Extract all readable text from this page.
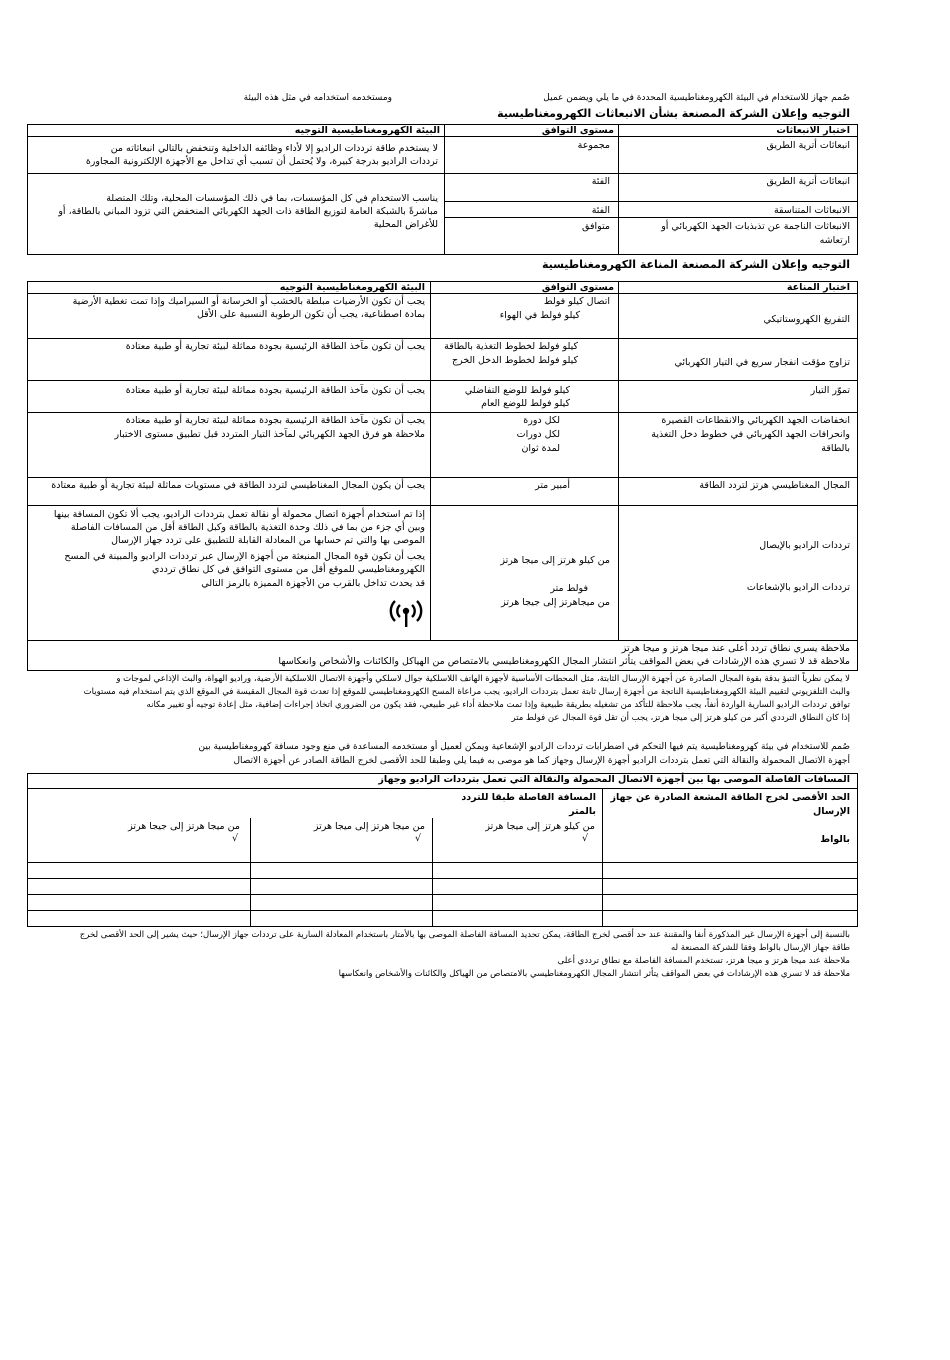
صُمم جهاز للاستخدام في البيئة الكهرومغناطيسية المحددة في ما يلي ويضمن عميل
ومستخدمه استخدامه في مثل هذه البيئة
التوجيه وإعلان الشركة المصنعة بشأن الانبعاثات الكهرومغناطيسية
اختبار الانبعاثات
مستوى التوافق
البيئة الكهرومغناطيسية التوجيه
انبعاثات أترية الطريق
مجموعة
لا يستخدم طاقة ترددات الراديو إلا لأداء وظائفه الداخلية وتنخفض بالتالي انبعاثاته من
ترددات الراديو بدرجة كبيرة، ولا يُحتمل أن تسبب أي تداخل مع الأجهزة الإلكترونية المجاورة
انبعاثات أترية الطريق
الفئة
الانبعاثات المتناسقة
الفئة
الانبعاثات الناجمة عن تذبذبات الجهد الكهربائي أو
ارتعاشه
متوافق
يناسب الاستخدام في كل المؤسسات، بما في ذلك المؤسسات المحلية، وتلك المتصلة
مباشرةً بالشبكة العامة لتوزيع الطاقة ذات الجهد الكهربائي المنخفض التي تزود المباني بالطاقة، أو
للأغراض المحلية
التوجيه وإعلان الشركة المصنعة المناعة الكهرومغناطيسية
اختبار المناعة
مستوى التوافق
البيئة الكهرومغناطيسية التوجيه
التفريغ الكهروستاتيكي
اتصال كيلو فولط
كيلو فولط في الهواء
يجب أن تكون الأرضيات مبلطة بالخشب أو الخرسانة أو السيراميك وإذا تمت تغطية الأرضية
بمادة اصطناعية، يجب أن تكون الرطوبة النسبية على الأقل
تزاوج مؤقت انفجار سريع في التيار الكهربائي
كيلو فولط لخطوط التغذية بالطاقة
كيلو فولط لخطوط الدخل الخرج
يجب أن تكون مآخذ الطاقة الرئيسية بجودة مماثلة لبيئة تجارية أو طبية معتادة
تموّر التيار
كيلو فولط للوضع التفاضلي
كيلو فولط للوضع العام
يجب أن تكون مآخذ الطاقة الرئيسية بجودة مماثلة لبيئة تجارية أو طبية معتادة
انخفاضات الجهد الكهربائي والانقطاعات القصيرة
وانحرافات الجهد الكهربائي في خطوط دخل التغذية
بالطاقة
لكل دورة
لكل دورات
لمدة ثوان
يجب أن تكون مآخذ الطاقة الرئيسية بجودة مماثلة لبيئة تجارية أو طبية معتادة
ملاحظة هو فرق الجهد الكهربائي لمآخذ التيار المتردد قبل تطبيق مستوى الاختبار
المجال المغناطيسي هرتز لتردد الطاقة
أمبير متر
يجب أن يكون المجال المغناطيسي لتردد الطاقة في مستويات مماثلة لبيئة تجارية أو طبية معتادة
ترددات الراديو بالإيصال
ترددات الراديو بالإشعاعات
من كيلو هرتز إلى ميجا هرتز
فولط متر
من ميجاهرتز إلى جيجا هرتز
إذا تم استخدام أجهزة اتصال محمولة أو نقالة تعمل بترددات الراديو، يجب ألا تكون المسافة بينها
وبين أي جزء من بما في ذلك وحدة التغذية بالطاقة وكبل الطاقة أقل من المسافات الفاصلة
الموصى بها والتي تم حسابها من المعادلة القابلة للتطبيق على تردد جهاز الإرسال
يجب أن تكون قوة المجال المنبعثة من أجهزة الإرسال عبر ترددات الراديو والمبينة في المسح
الكهرومغناطيسي للموقع أقل من مستوى التوافق في كل نطاق ترددي
قد يحدث تداخل بالقرب من الأجهزة المميزة بالرمز التالي
ملاحظة يسري نطاق تردد أعلى عند ميجا هرتز و ميجا هرتز
ملاحظة قد لا تسري هذه الإرشادات في بعض المواقف يتأثر انتشار المجال الكهرومغناطيسي بالامتصاص من الهياكل والكائنات والأشخاص وانعكاسها
لا يمكن نظرياً التنبؤ بدقة بقوة المجال الصادرة عن أجهزة الإرسال الثابتة، مثل المحطات الأساسية لأجهزة الهاتف اللاسلكية جوال لاسلكي وأجهزة الاتصال اللاسلكية الأرضية، وراديو الهواة، والبث الإذاعي لموجات و
والبث التلفزيوني لتقييم البيئة الكهرومغناطيسية الناتجة من أجهزة إرسال ثابتة تعمل بترددات الراديو، يجب مراعاة المسح الكهرومغناطيسي للموقع إذا تعدت قوة المجال المقيسة في الموقع الذي يتم استخدام فيه مستويات
توافق ترددات الراديو السارية الواردة أنفاً، يجب ملاحظة للتأكد من تشغيله بطريقة طبيعية وإذا تمت ملاحظة أداء غير طبيعي، فقد يكون من الضروري اتخاذ إجراءات إضافية، مثل إعادة توجيه أو تغيير مكانه
إذا كان النطاق الترددي أكبر من كيلو هرتز إلى ميجا هرتز، يجب أن تقل قوة المجال عن فولط متر
صُمم للاستخدام في بيئة كهرومغناطيسية يتم فيها التحكم في اضطرابات ترددات الراديو الإشعاعية ويمكن لعميل أو مستخدمه المساعدة في منع وجود مسافة كهرومغناطيسية بين
أجهزة الاتصال المحمولة والنقالة التي تعمل بترددات الراديو أجهزة الإرسال وجهاز كما هو موصى به فيما يلي وطبقا للحد الأقصى لخرج الطاقة الصادر عن أجهزة الاتصال
المسافات الفاصلة الموصى بها بين أجهزة الاتصال المحمولة والنقالة التي تعمل بترددات الراديو وجهاز
الحد الأقصى لخرج الطاقة المشعة الصادرة عن جهاز
الإرسال
بالواط
المسافة الفاصلة طبقا للتردد
بالمتر
من كيلو هرتز إلى ميجا هرتز
√
من ميجا هرتز إلى ميجا هرتز
√
من ميجا هرتز إلى جيجا هرتز
√
بالنسبة إلى أجهزة الإرسال غير المذكورة أنفا والمقننة عند حد أقصى لخرج الطاقة، يمكن تحديد المسافة الفاصلة الموصى بها بالأمتار باستخدام المعادلة السارية على ترددات جهاز الإرسال؛ حيث يشير إلى الحد الأقصى لخرج
طاقة جهاز الإرسال بالواط وفقا للشركة المصنعة له
ملاحظة عند ميجا هرتز و ميجا هرتز، تستخدم المسافة الفاصلة مع نطاق ترددي أعلى
ملاحظة قد لا تسري هذه الإرشادات في بعض المواقف يتأثر انتشار المجال الكهرومغناطيسي بالامتصاص من الهياكل والكائنات والأشخاص وانعكاسها
